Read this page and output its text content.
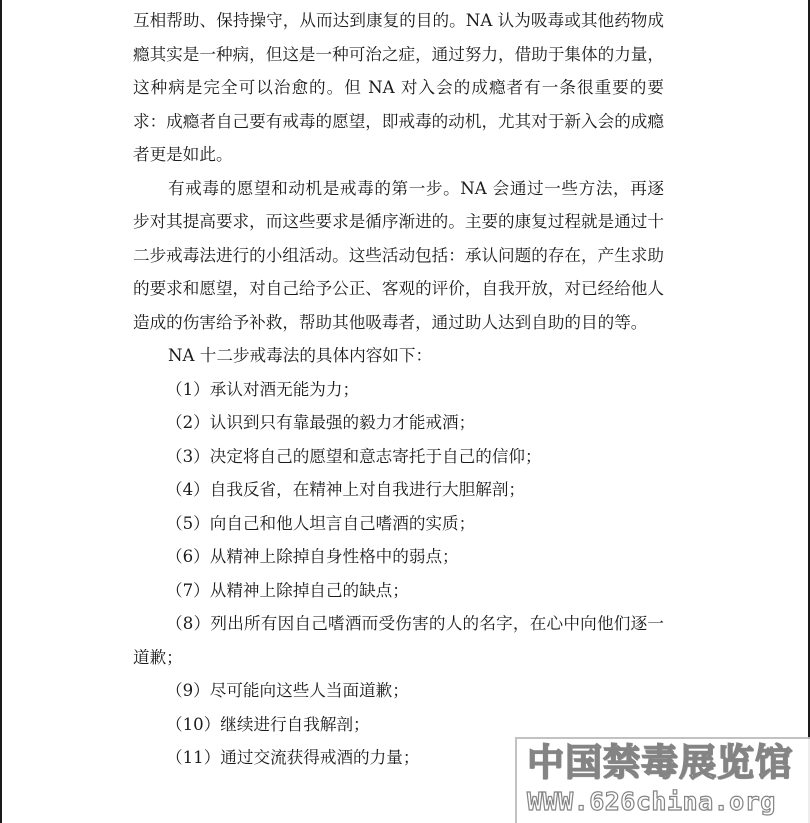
互相帮助、保持操守，从而达到康复的目的。NA 认为吸毒或其他药物成瘾其实是一种病，但这是一种可治之症，通过努力，借助于集体的力量，这种病是完全可以治愈的。但 NA 对入会的成瘾者有一条很重要的要求：成瘾者自己要有戒毒的愿望，即戒毒的动机，尤其对于新入会的成瘾者更是如此。

有戒毒的愿望和动机是戒毒的第一步。NA 会通过一些方法，再逐步对其提高要求，而这些要求是循序渐进的。主要的康复过程就是通过十二步戒毒法进行的小组活动。这些活动包括：承认问题的存在，产生求助的要求和愿望，对自己给予公正、客观的评价，自我开放，对已经给他人造成的伤害给予补救，帮助其他吸毒者，通过助人达到自助的目的等。

NA 十二步戒毒法的具体内容如下：

（1）承认对酒无能为力；

（2）认识到只有靠最强的毅力才能戒酒；

（3）决定将自己的愿望和意志寄托于自己的信仰；

（4）自我反省，在精神上对自我进行大胆解剖；

（5）向自己和他人坦言自己嗜酒的实质；

（6）从精神上除掉自身性格中的弱点；

（7）从精神上除掉自己的缺点；

（8）列出所有因自己嗜酒而受伤害的人的名字，在心中向他们逐一道歉；

（9）尽可能向这些人当面道歉；

（10）继续进行自我解剖；

（11）通过交流获得戒酒的力量；	中国禁毒展览馆
WWW.626china.org
